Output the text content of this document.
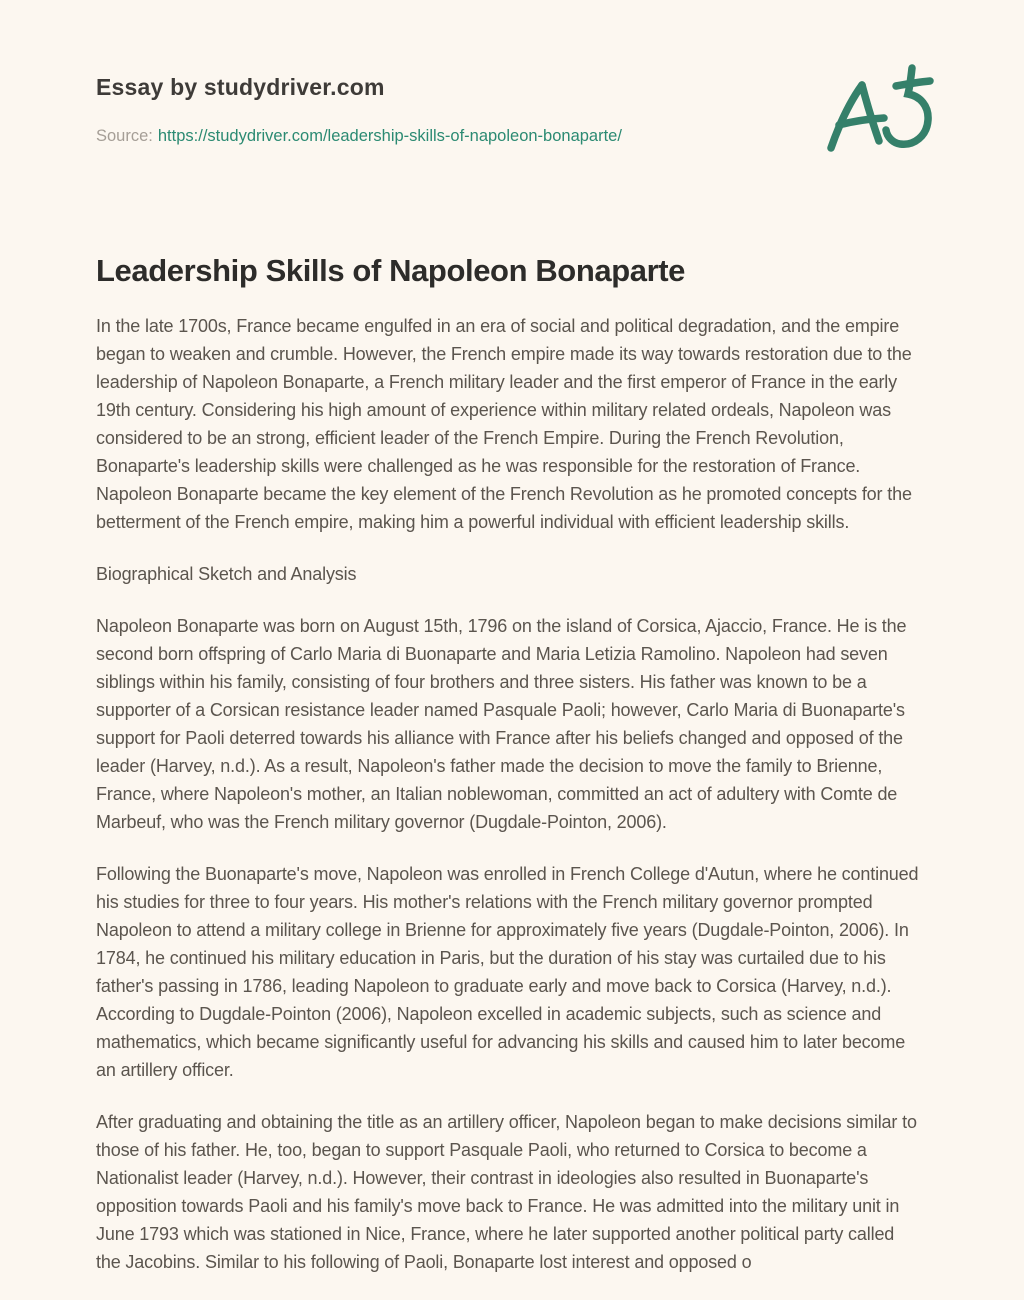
Essay by studydriver.com
Source: https://studydriver.com/leadership-skills-of-napoleon-bonaparte/
Leadership Skills of Napoleon Bonaparte

In the late 1700s, France became engulfed in an era of social and political degradation, and the empire began to weaken and crumble. However, the French empire made its way towards restoration due to the leadership of Napoleon Bonaparte, a French military leader and the first emperor of France in the early 19th century. Considering his high amount of experience within military related ordeals, Napoleon was considered to be an strong, efficient leader of the French Empire. During the French Revolution, Bonaparte's leadership skills were challenged as he was responsible for the restoration of France. Napoleon Bonaparte became the key element of the French Revolution as he promoted concepts for the betterment of the French empire, making him a powerful individual with efficient leadership skills.

Biographical Sketch and Analysis

Napoleon Bonaparte was born on August 15th, 1796 on the island of Corsica, Ajaccio, France. He is the second born offspring of Carlo Maria di Buonaparte and Maria Letizia Ramolino. Napoleon had seven siblings within his family, consisting of four brothers and three sisters. His father was known to be a supporter of a Corsican resistance leader named Pasquale Paoli; however, Carlo Maria di Buonaparte's support for Paoli deterred towards his alliance with France after his beliefs changed and opposed of the leader (Harvey, n.d.). As a result, Napoleon's father made the decision to move the family to Brienne, France, where Napoleon's mother, an Italian noblewoman, committed an act of adultery with Comte de Marbeuf, who was the French military governor (Dugdale-Pointon, 2006).

Following the Buonaparte's move, Napoleon was enrolled in French College d'Autun, where he continued his studies for three to four years. His mother's relations with the French military governor prompted Napoleon to attend a military college in Brienne for approximately five years (Dugdale-Pointon, 2006). In 1784, he continued his military education in Paris, but the duration of his stay was curtailed due to his father's passing in 1786, leading Napoleon to graduate early and move back to Corsica (Harvey, n.d.). According to Dugdale-Pointon (2006), Napoleon excelled in academic subjects, such as science and mathematics, which became significantly useful for advancing his skills and caused him to later become an artillery officer.

After graduating and obtaining the title as an artillery officer, Napoleon began to make decisions similar to those of his father. He, too, began to support Pasquale Paoli, who returned to Corsica to become a Nationalist leader (Harvey, n.d.). However, their contrast in ideologies also resulted in Buonaparte's opposition towards Paoli and his family's move back to France. He was admitted into the military unit in June 1793 which was stationed in Nice, France, where he later supported another political party called the Jacobins. Similar to his following of Paoli, Bonaparte lost interest and opposed o
